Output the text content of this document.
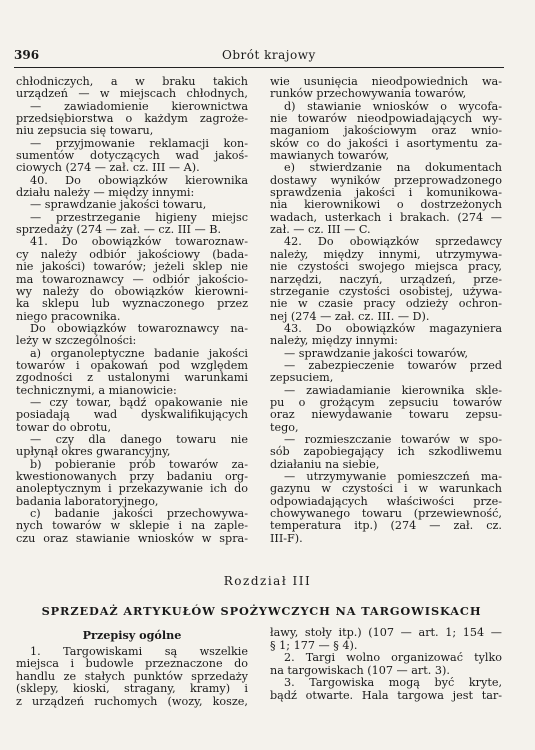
396	Obrót krajowy
chłodniczych, a w braku takich
urządzeń — w miejscach chłodnych,
— zawiadomienie kierownictwa
przedsiębiorstwa o każdym zagroże-
niu zepsucia się towaru,
— przyjmowanie reklamacji kon-
sumentów dotyczących wad jakoś-
ciowych (274 — zał. cz. III — A).
40. Do obowiązków kierownika
działu należy — między innymi:
— sprawdzanie jakości towaru,
— przestrzeganie higieny miejsc
sprzedaży (274 — zał. — cz. III — B.
41. Do obowiązków towaroznaw-
cy należy odbiór jakościowy (bada-
nie jakości) towarów; jeżeli sklep nie
ma towaroznawcy — odbiór jakościo-
wy należy do obowiązków kierowni-
ka sklepu lub wyznaczonego przez
niego pracownika.
Do obowiązków towaroznawcy na-
leży w szczególności:
a) organoleptyczne badanie jakości
towarów i opakowań pod względem
zgodności z ustalonymi warunkami
technicznymi, a mianowicie:
— czy towar, bądź opakowanie nie
posiadają wad dyskwalifikujących
towar do obrotu,
— czy dla danego towaru nie
upłynął okres gwarancyjny,
b) pobieranie prób towarów za-
kwestionowanych przy badaniu org-
anoleptycznym i przekazywanie ich do
badania laboratoryjnego,
c) badanie jakości przechowywa-
nych towarów w sklepie i na zaple-
czu oraz stawianie wniosków w spra-
wie usunięcia nieodpowiednich wa-
runków przechowywania towarów,
d) stawianie wniosków o wycofa-
nie towarów nieodpowiadających wy-
maganiom jakościowym oraz wnio-
sków co do jakości i asortymentu za-
mawianych towarów,
e) stwierdzanie na dokumentach
dostawy wyników przeprowadzonego
sprawdzenia jakości i komunikowa-
nia kierownikowi o dostrzeżonych
wadach, usterkach i brakach. (274 —
zał. — cz. III — C.
42. Do obowiązków sprzedawcy
należy, między innymi, utrzymywa-
nie czystości swojego miejsca pracy,
narzędzi, naczyń, urządzeń, prze-
strzeganie czystości osobistej, używa-
nie w czasie pracy odzieży ochron-
nej (274 — zał. cz. III. — D).
43. Do obowiązków magazyniera
należy, między innymi:
— sprawdzanie jakości towarów,
— zabezpieczenie towarów przed
zepsuciem,
— zawiadamianie kierownika skle-
pu o grożącym zepsuciu towarów
oraz niewydawanie towaru zepsu-
tego,
— rozmieszczanie towarów w spo-
sób zapobiegający ich szkodliwemu
działaniu na siebie,
— utrzymywanie pomieszczeń ma-
gazynu w czystości i w warunkach
odpowiadających właściwości prze-
chowywanego towaru (przewiewność,
temperatura itp.) (274 — zał. cz.
III-F).
Rozdział III
SPRZEDAŻ ARTYKUŁÓW SPOŻYWCZYCH NA TARGOWISKACH
Przepisy ogólne
1. Targowiskami są wszelkie
miejsca i budowle przeznaczone do
handlu ze stałych punktów sprzedaży
(sklepy, kioski, stragany, kramy) i
z urządzeń ruchomych (wozy, kosze,
ławy, stoły itp.) (107 — art. 1; 154 —
§ 1; 177 — § 4).
2. Targi wolno organizować tylko
na targowiskach (107 — art. 3).
3. Targowiska mogą być kryte,
bądź otwarte. Hala targowa jest tar-
